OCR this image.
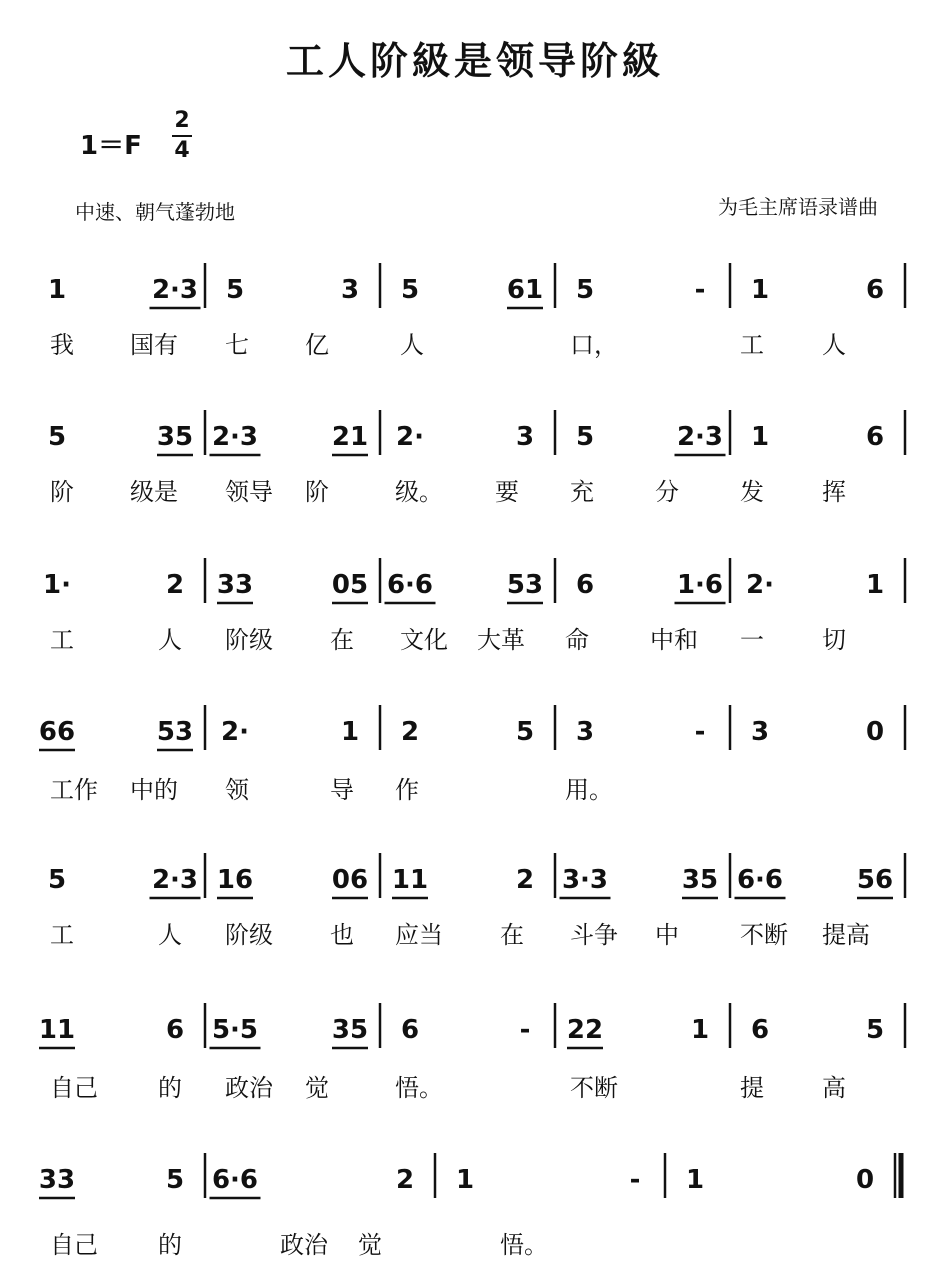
工人阶級是领导阶級
1＝F
2
4
中速、朝气蓬勃地	为毛主席语录谱曲
1	2·3 5	3 5	61 5	- 1	6
我 国有 七 亿	人	口，	工 人
5	35 2·3	21 2·	3 5	2·3 1	6
阶 级是 领导 阶	级。 要 充	分	发 挥
1·	2 33	05 6·6	53 6	1·6 2·	1
工	人 阶级 在 文化 大革 命	中和 一 切
66	53 2·	1 2	5 3	- 3	0
工作 中的 领	导 作	用。
5	2·3 16	06 11	2 3·3	35 6·6	56
工	人 阶级 也 应当 在 斗争 中	不断 提高
11	6 5·5	35 6	- 22	1 6	5
自己	的 政治 觉	悟。	不断	提 高
33	5 6·6	2 1	- 1	0
自己	的	政治 觉	悟。
